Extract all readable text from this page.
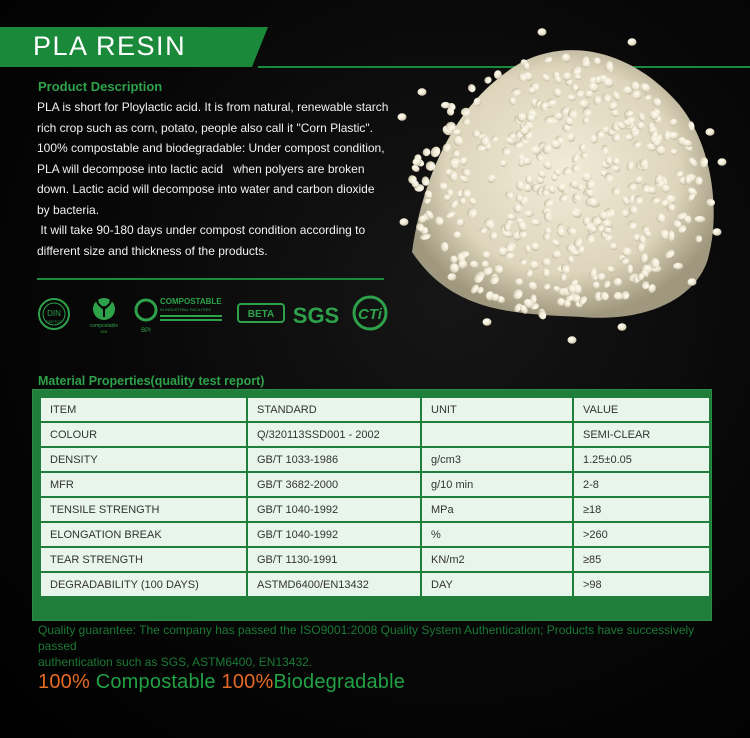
PLA RESIN
Product Description

PLA is short for Ploylactic acid. It is from natural, renewable starch

rich crop such as corn, potato, people also call it "Corn Plastic".

100% compostable and biodegradable: Under compost condition,

PLA will decompose into lactic acid   when polyers are broken

down. Lactic acid will decompose into water and carbon dioxide

by bacteria.

It will take 90-180 days under compost condition according to

different size and thickness of the products.

DIN
CERTCO
compostable
DIN	BPI
COMPOSTABLE
IN INDUSTRIAL FACILITIES	BETA SGS CTi
Material Properties(quality test report)
ITEM	STANDARD	UNIT	VALUE
COLOUR	Q/320113SSD001 - 2002		SEMI-CLEAR
DENSITY	GB/T 1033-1986	g/cm3	1.25±0.05
MFR	GB/T 3682-2000	g/10 min	2-8
TENSILE STRENGTH	GB/T 1040-1992	MPa	≥18
ELONGATION BREAK	GB/T 1040-1992	%	>260
TEAR STRENGTH	GB/T 1130-1991	KN/m2	≥85
DEGRADABILITY (100 DAYS)	ASTMD6400/EN13432	DAY	>98
Quality guarantee: The company has passed the ISO9001:2008 Quality System Authentication; Products have successively passed
authentication such as SGS, ASTM6400, EN13432.
100% Compostable 100%Biodegradable
